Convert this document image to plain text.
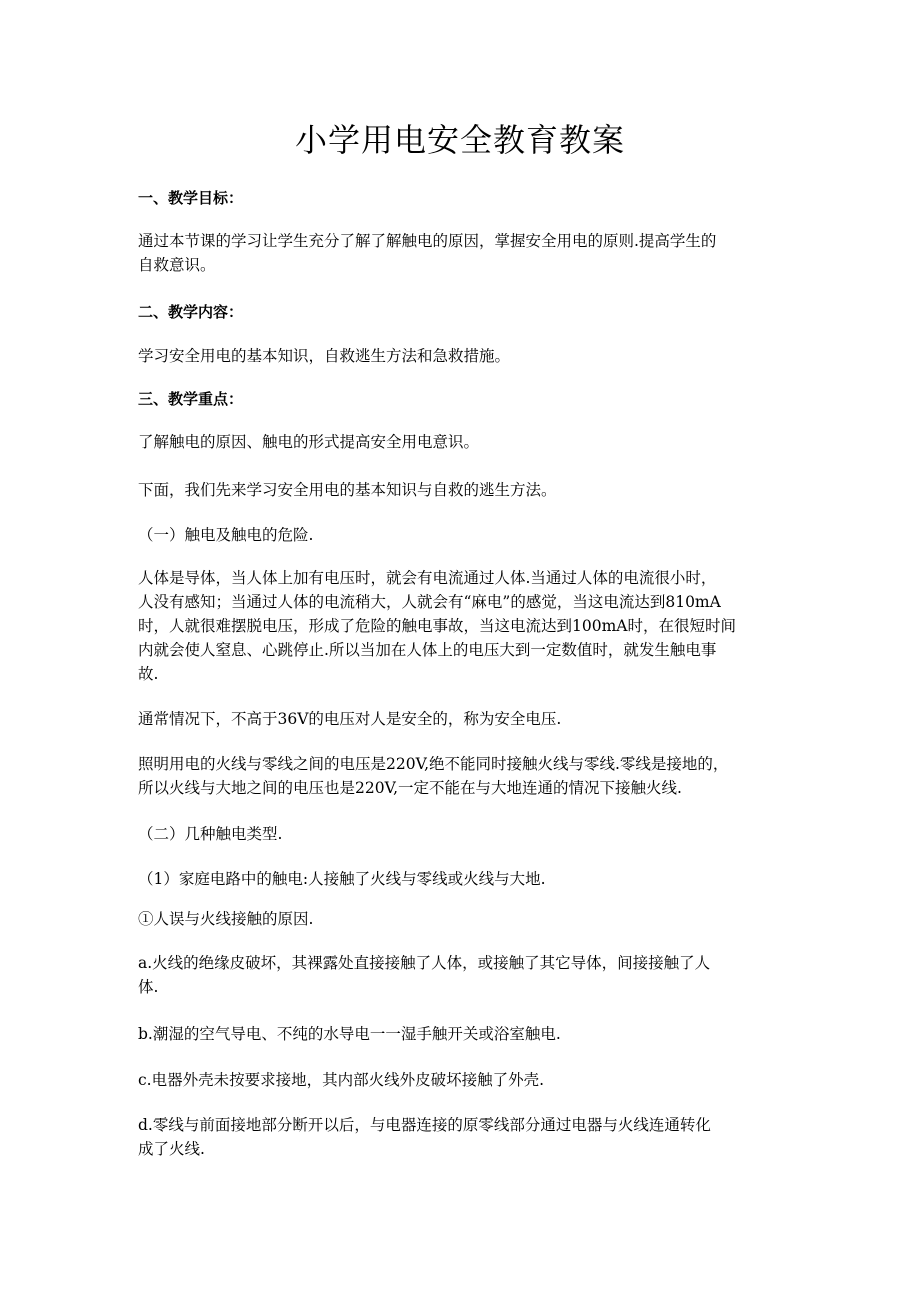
小学用电安全教育教案

一、教学目标：

通过本节课的学习让学生充分了解了解触电的原因，掌握安全用电的原则.提高学生的
自救意识。

二、教学内容：

学习安全用电的基本知识，自救逃生方法和急救措施。

三、教学重点：

了解触电的原因、触电的形式提高安全用电意识。

下面，我们先来学习安全用电的基本知识与自救的逃生方法。

（一）触电及触电的危险.

人体是导体，当人体上加有电压时，就会有电流通过人体.当通过人体的电流很小时，
人没有感知；当通过人体的电流稍大，人就会有“麻电”的感觉，当这电流达到810mA
时，人就很难摆脱电压，形成了危险的触电事故，当这电流达到100mA时，在很短时间
内就会使人窒息、心跳停止.所以当加在人体上的电压大到一定数值时，就发生触电事
故.

通常情况下，不高于36V的电压对人是安全的，称为安全电压.

照明用电的火线与零线之间的电压是220V,绝不能同时接触火线与零线.零线是接地的，
所以火线与大地之间的电压也是220V,一定不能在与大地连通的情况下接触火线.

（二）几种触电类型.

（1）家庭电路中的触电:人接触了火线与零线或火线与大地.

①人误与火线接触的原因.

a.火线的绝缘皮破坏，其裸露处直接接触了人体，或接触了其它导体，间接接触了人
体.

b.潮湿的空气导电、不纯的水导电一一湿手触开关或浴室触电.

c.电器外壳未按要求接地，其内部火线外皮破坏接触了外壳.

d.零线与前面接地部分断开以后，与电器连接的原零线部分通过电器与火线连通转化
成了火线.
